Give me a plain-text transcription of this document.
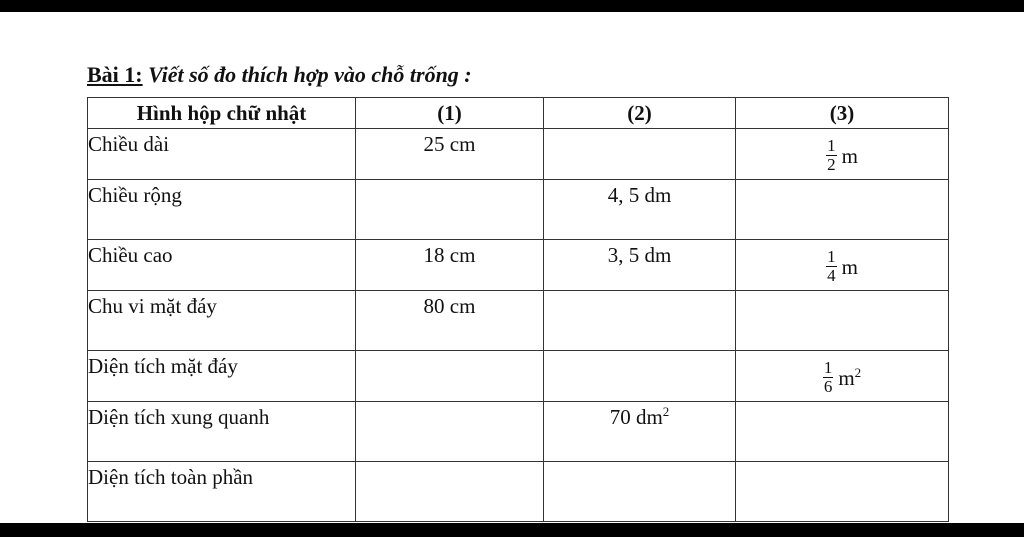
Bài 1: Viết số đo thích hợp vào chỗ trống :
Hình hộp chữ nhật	(1)	(2)	(3)
Chiều dài	25 cm		$\frac{1}{2}$ m

Chiều rộng		4, 5 dm	
Chiều cao	18 cm	3, 5 dm	$\frac{1}{4}$ m

Chu vi mặt đáy	80 cm		
Diện tích mặt đáy			$\frac{1}{6} m^2$

Diện tích xung quanh		70 $dm^2$	
Diện tích toàn phần			
